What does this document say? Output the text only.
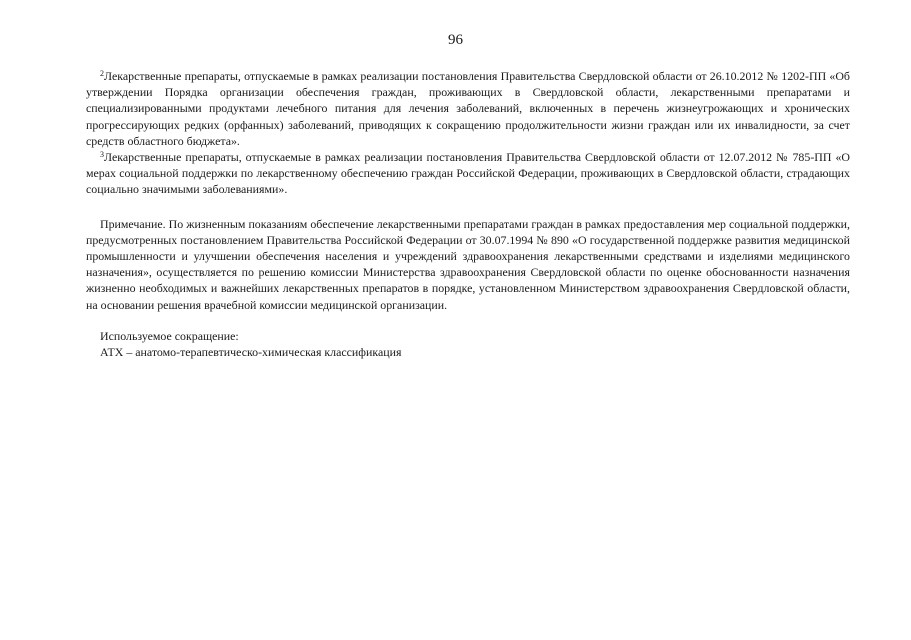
96

$^2$Лекарственные препараты, отпускаемые в рамках реализации постановления Правительства Свердловской области от 26.10.2012 № 1202-ПП «Об утверждении Порядка организации обеспечения граждан, проживающих в Свердловской области, лекарственными препаратами и специализированными продуктами лечебного питания для лечения заболеваний, включенных в перечень жизнеугрожающих и хронических прогрессирующих редких (орфанных) заболеваний, приводящих к сокращению продолжительности жизни граждан или их инвалидности, за счет средств областного бюджета».

$^3$Лекарственные препараты, отпускаемые в рамках реализации постановления Правительства Свердловской области от 12.07.2012 № 785-ПП «О мерах социальной поддержки по лекарственному обеспечению граждан Российской Федерации, проживающих в Свердловской области, страдающих социально значимыми заболеваниями».

Примечание. По жизненным показаниям обеспечение лекарственными препаратами граждан в рамках предоставления мер социальной поддержки, предусмотренных постановлением Правительства Российской Федерации от 30.07.1994 № 890 «О государственной поддержке развития медицинской промышленности и улучшении обеспечения населения и учреждений здравоохранения лекарственными средствами и изделиями медицинского назначения», осуществляется по решению комиссии Министерства здравоохранения Свердловской области по оценке обоснованности назначения жизненно необходимых и важнейших лекарственных препаратов в порядке, установленном Министерством здравоохранения Свердловской области, на основании решения врачебной комиссии медицинской организации.

Используемое сокращение:
АТХ – анатомо-терапевтическо-химическая классификация
